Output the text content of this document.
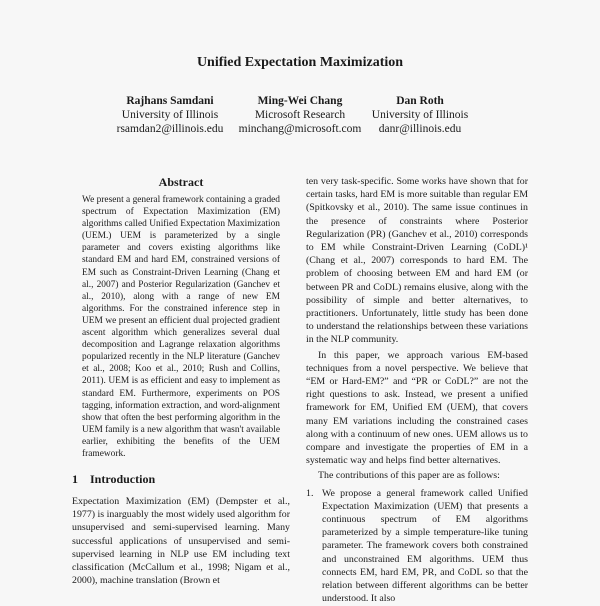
Unified Expectation Maximization
Rajhans Samdani
University of Illinois
rsamdan2@illinois.edu
Ming-Wei Chang
Microsoft Research
minchang@microsoft.com
Dan Roth
University of Illinois
danr@illinois.edu
Abstract
We present a general framework containing a graded spectrum of Expectation Maximization (EM) algorithms called Unified Expectation Maximization (UEM.) UEM is parameterized by a single parameter and covers existing algorithms like standard EM and hard EM, constrained versions of EM such as Constraint-Driven Learning (Chang et al., 2007) and Posterior Regularization (Ganchev et al., 2010), along with a range of new EM algorithms. For the constrained inference step in UEM we present an efficient dual projected gradient ascent algorithm which generalizes several dual decomposition and Lagrange relaxation algorithms popularized recently in the NLP literature (Ganchev et al., 2008; Koo et al., 2010; Rush and Collins, 2011). UEM is as efficient and easy to implement as standard EM. Furthermore, experiments on POS tagging, information extraction, and word-alignment show that often the best performing algorithm in the UEM family is a new algorithm that wasn't available earlier, exhibiting the benefits of the UEM framework.
1 Introduction
Expectation Maximization (EM) (Dempster et al., 1977) is inarguably the most widely used algorithm for unsupervised and semi-supervised learning. Many successful applications of unsupervised and semi-supervised learning in NLP use EM including text classification (McCallum et al., 1998; Nigam et al., 2000), machine translation (Brown et

ten very task-specific. Some works have shown that for certain tasks, hard EM is more suitable than regular EM (Spitkovsky et al., 2010). The same issue continues in the presence of constraints where Posterior Regularization (PR) (Ganchev et al., 2010) corresponds to EM while Constraint-Driven Learning (CoDL)¹ (Chang et al., 2007) corresponds to hard EM. The problem of choosing between EM and hard EM (or between PR and CoDL) remains elusive, along with the possibility of simple and better alternatives, to practitioners. Unfortunately, little study has been done to understand the relationships between these variations in the NLP community.

In this paper, we approach various EM-based techniques from a novel perspective. We believe that “EM or Hard-EM?” and “PR or CoDL?” are not the right questions to ask. Instead, we present a unified framework for EM, Unified EM (UEM), that covers many EM variations including the constrained cases along with a continuum of new ones. UEM allows us to compare and investigate the properties of EM in a systematic way and helps find better alternatives.

The contributions of this paper are as follows:

1. We propose a general framework called Unified Expectation Maximization (UEM) that presents a continuous spectrum of EM algorithms parameterized by a simple temperature-like tuning parameter. The framework covers both constrained and unconstrained EM algorithms. UEM thus connects EM, hard EM, PR, and CoDL so that the relation between different algorithms can be better understood. It also
